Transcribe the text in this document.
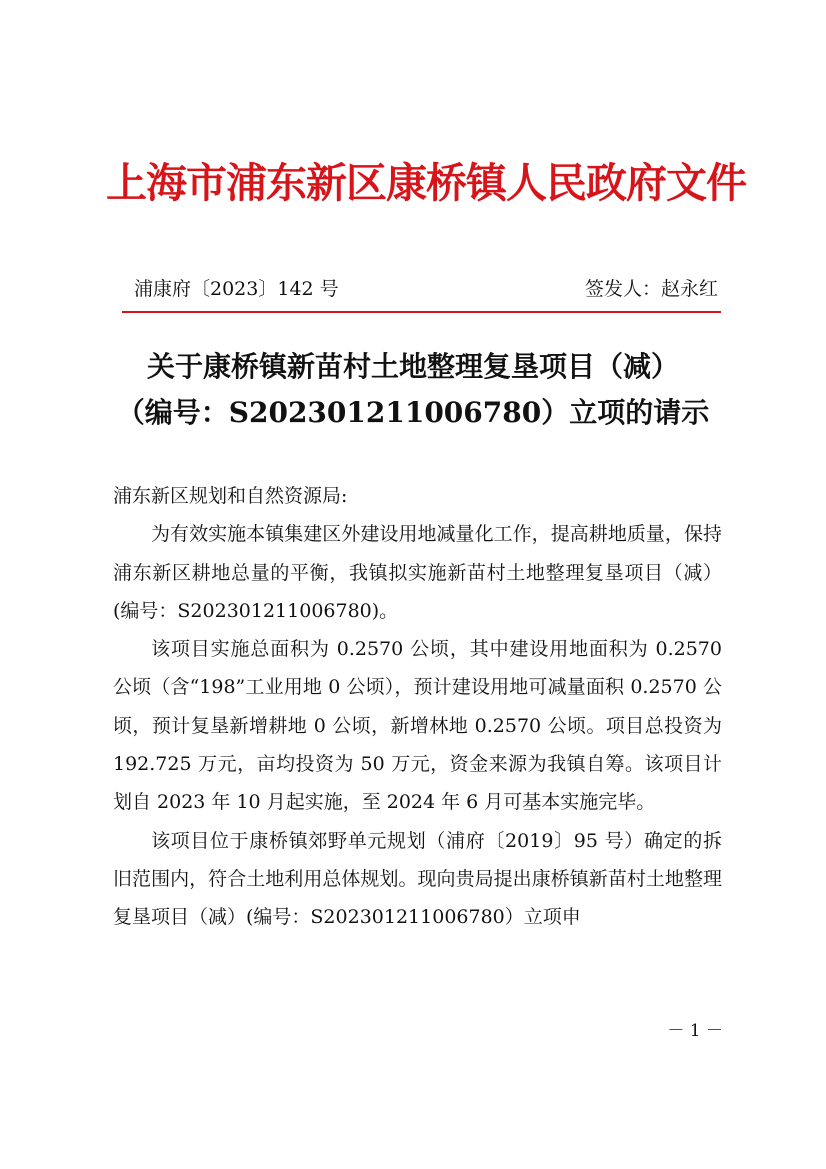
上海市浦东新区康桥镇人民政府文件
浦康府〔2023〕142 号	签发人：赵永红
关于康桥镇新苗村土地整理复垦项目（减）
（编号：S202301211006780）立项的请示

浦东新区规划和自然资源局:

为有效实施本镇集建区外建设用地减量化工作，提高耕地质量，保持浦东新区耕地总量的平衡，我镇拟实施新苗村土地整理复垦项目（减）(编号：S202301211006780)。

该项目实施总面积为 0.2570 公顷，其中建设用地面积为 0.2570 公顷（含“198”工业用地 0 公顷），预计建设用地可减量面积 0.2570 公顷，预计复垦新增耕地 0 公顷，新增林地 0.2570 公顷。项目总投资为 192.725 万元，亩均投资为 50 万元，资金来源为我镇自筹。该项目计划自 2023 年 10 月起实施，至 2024 年 6 月可基本实施完毕。

该项目位于康桥镇郊野单元规划（浦府〔2019〕95 号）确定的拆旧范围内，符合土地利用总体规划。现向贵局提出康桥镇新苗村土地整理复垦项目（减）(编号：S202301211006780）立项申

－ 1 －
